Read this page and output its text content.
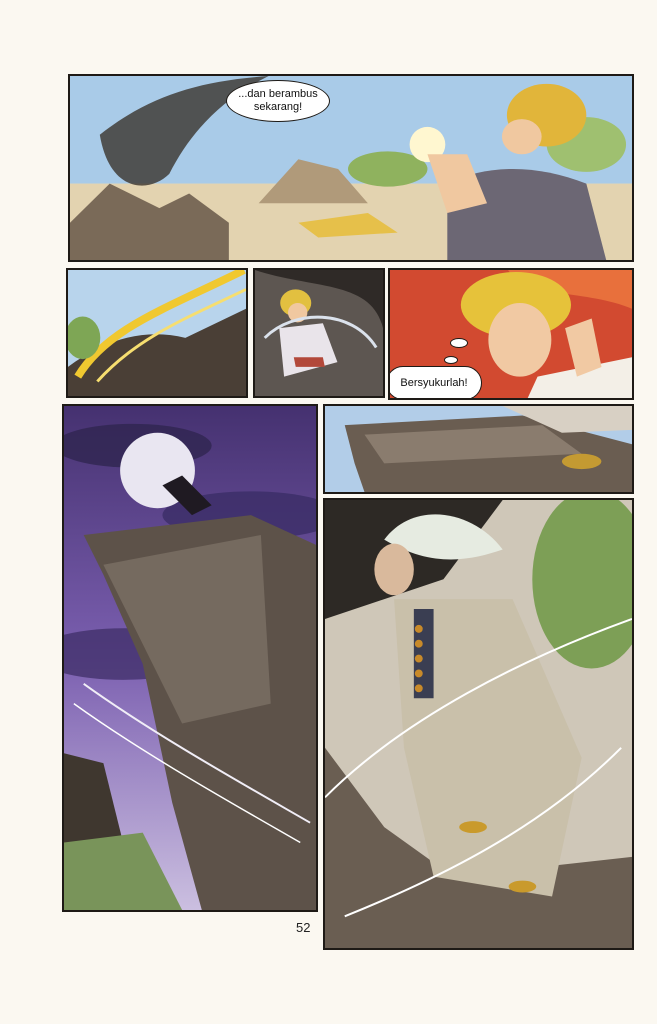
...dan berambus
sekarang!
Bersyukurlah!
52
